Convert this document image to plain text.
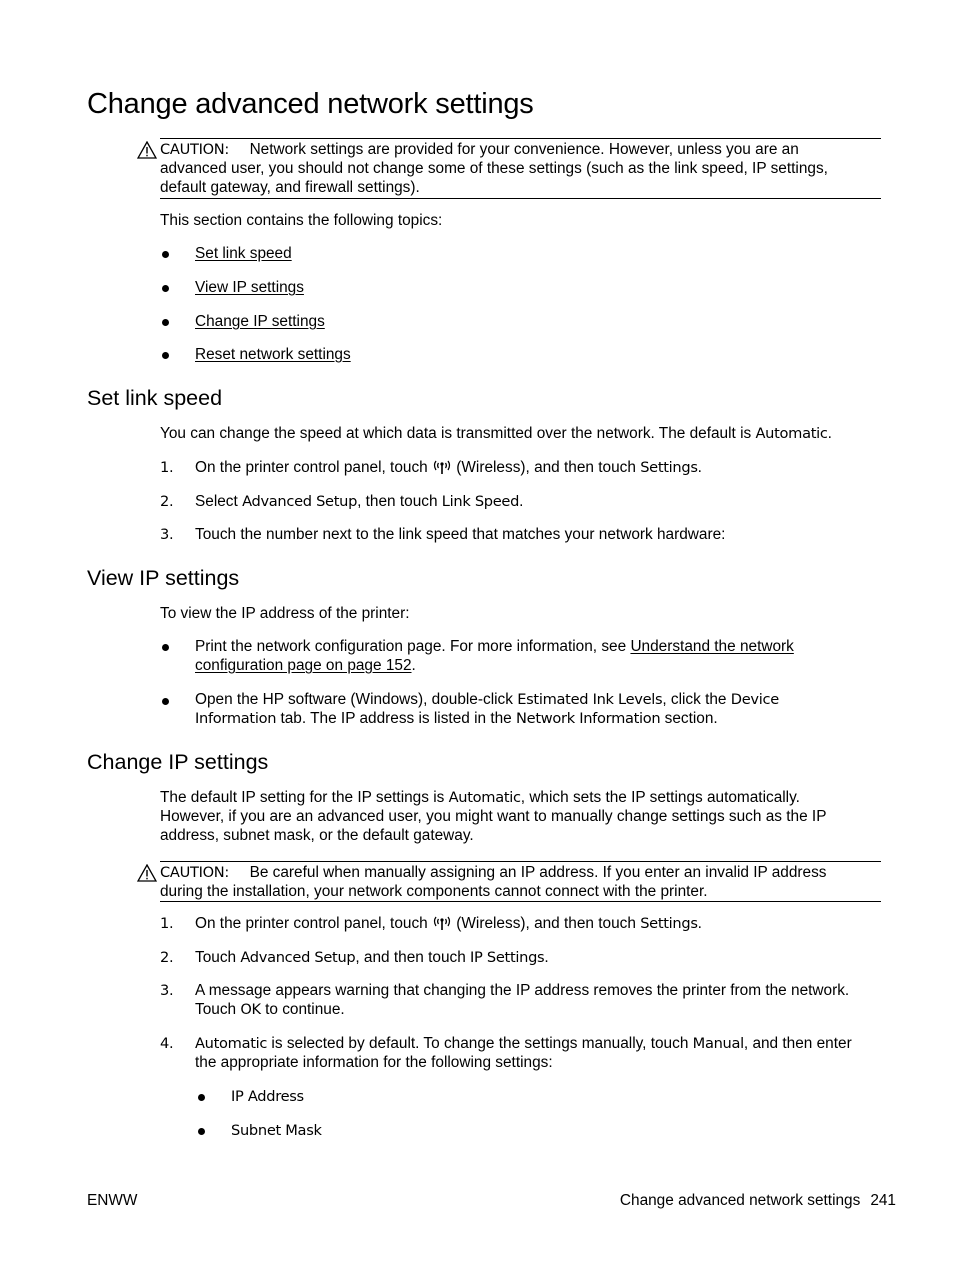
Change advanced network settings
CAUTION: Network settings are provided for your convenience. However, unless you are an
advanced user, you should not change some of these settings (such as the link speed, IP settings,
default gateway, and firewall settings).
This section contains the following topics:
Set link speed
View IP settings
Change IP settings
Reset network settings
Set link speed
You can change the speed at which data is transmitted over the network. The default is Automatic.
1. On the printer control panel, touch  (Wireless), and then touch Settings.
2. Select Advanced Setup, then touch Link Speed.
3. Touch the number next to the link speed that matches your network hardware:
View IP settings
To view the IP address of the printer:
Print the network configuration page. For more information, see Understand the network
configuration page on page 152.
Open the HP software (Windows), double-click Estimated Ink Levels, click the Device
Information tab. The IP address is listed in the Network Information section.
Change IP settings
The default IP setting for the IP settings is Automatic, which sets the IP settings automatically.
However, if you are an advanced user, you might want to manually change settings such as the IP
address, subnet mask, or the default gateway.
CAUTION: Be careful when manually assigning an IP address. If you enter an invalid IP address
during the installation, your network components cannot connect with the printer.
1. On the printer control panel, touch  (Wireless), and then touch Settings.
2. Touch Advanced Setup, and then touch IP Settings.
3. A message appears warning that changing the IP address removes the printer from the network.
Touch OK to continue.
4. Automatic is selected by default. To change the settings manually, touch Manual, and then enter
the appropriate information for the following settings:
IP Address
Subnet Mask
ENWW	Change advanced network settings 241
